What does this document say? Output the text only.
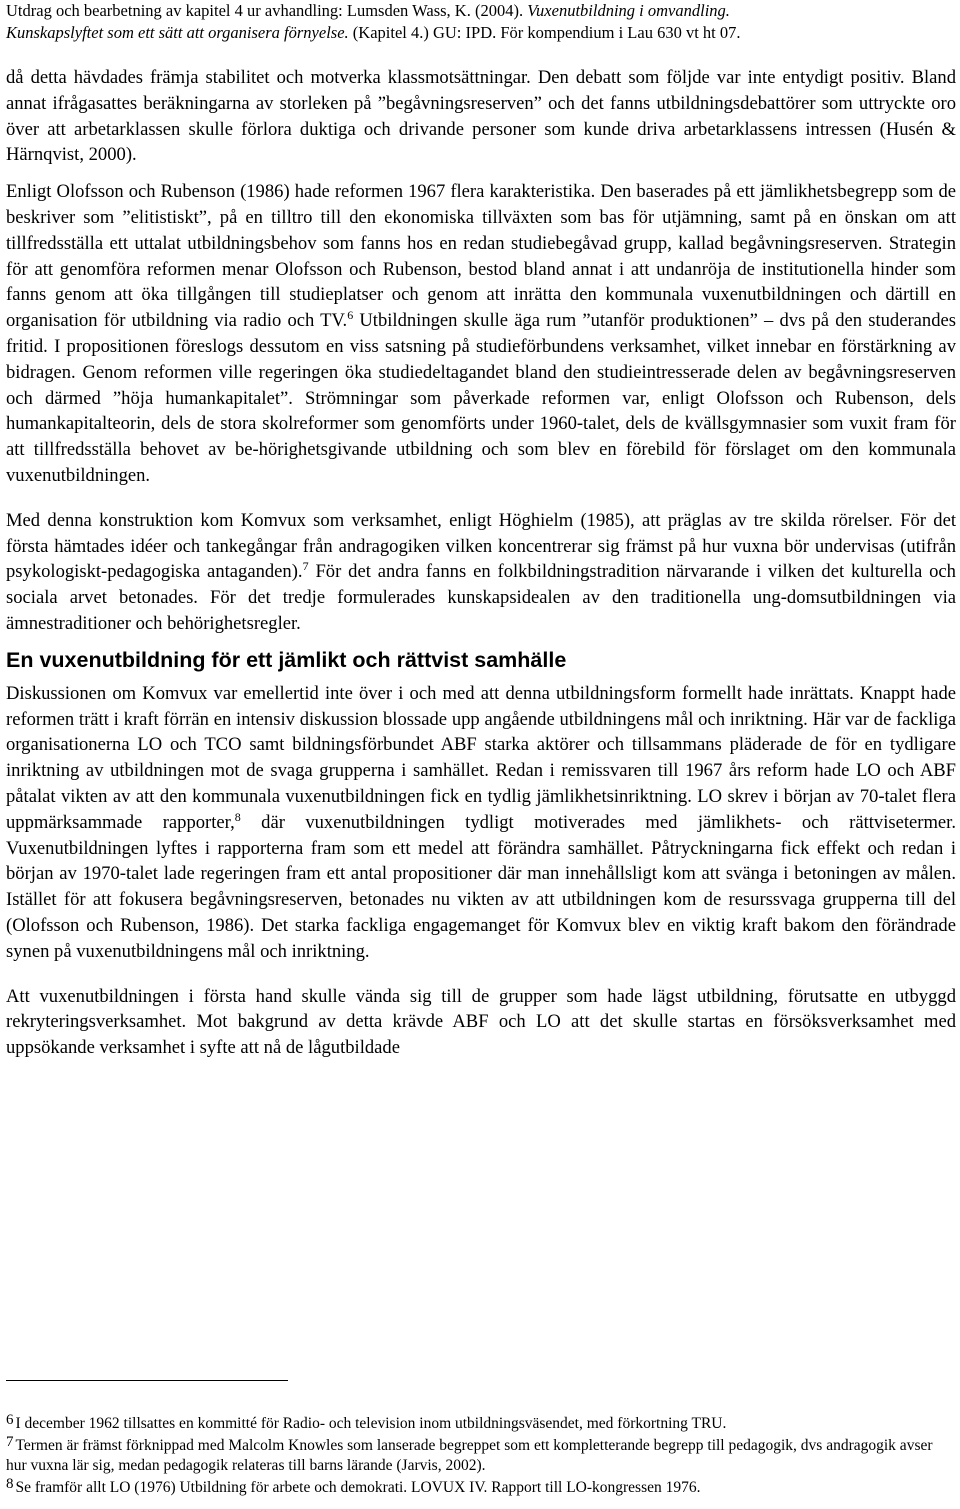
Utdrag och bearbetning av kapitel 4 ur avhandling: Lumsden Wass, K. (2004). Vuxenutbildning i omvandling.
Kunskapslyftet som ett sätt att organisera förnyelse. (Kapitel 4.) GU: IPD. För kompendium i Lau 630 vt ht 07.

då detta hävdades främja stabilitet och motverka klassmotsättningar. Den debatt som följde var inte entydigt positiv. Bland annat ifrågasattes beräkningarna av storleken på ”begåvningsreserven” och det fanns utbildningsdebattörer som uttryckte oro över att arbetarklassen skulle förlora duktiga och drivande personer som kunde driva arbetarklassens intressen (Husén & Härnqvist, 2000).

Enligt Olofsson och Rubenson (1986) hade reformen 1967 flera karakteristika. Den baserades på ett jämlikhetsbegrepp som de beskriver som ”elitistiskt”, på en tilltro till den ekonomiska tillväxten som bas för utjämning, samt på en önskan om att tillfredsställa ett uttalat utbildningsbehov som fanns hos en redan studiebegåvad grupp, kallad begåvningsreserven. Strategin för att genomföra reformen menar Olofsson och Rubenson, bestod bland annat i att undanröja de institutionella hinder som fanns genom att öka tillgången till studieplatser och genom att inrätta den kommunala vuxenutbildningen och därtill en organisation för utbildning via radio och TV.$^6$ Utbildningen skulle äga rum ”utanför produktionen” – dvs på den studerandes fritid. I propositionen föreslogs dessutom en viss satsning på studieförbundens verksamhet, vilket innebar en förstärkning av bidragen. Genom reformen ville regeringen öka studiedeltagandet bland den studieintresserade delen av begåvningsreserven och därmed ”höja humankapitalet”. Strömningar som påverkade reformen var, enligt Olofsson och Rubenson, dels humankapitalteorin, dels de stora skolreformer som genomförts under 1960-talet, dels de kvällsgymnasier som vuxit fram för att tillfredsställa behovet av be-hörighetsgivande utbildning och som blev en förebild för förslaget om den kommunala vuxenutbildningen.

Med denna konstruktion kom Komvux som verksamhet, enligt Höghielm (1985), att präglas av tre skilda rörelser. För det första hämtades idéer och tankegångar från andragogiken vilken koncentrerar sig främst på hur vuxna bör undervisas (utifrån psykologiskt-pedagogiska antaganden).$^7$ För det andra fanns en folkbildningstradition närvarande i vilken det kulturella och sociala arvet betonades. För det tredje formulerades kunskapsidealen av den traditionella ung-domsutbildningen via ämnestraditioner och behörighetsregler.

En vuxenutbildning för ett jämlikt och rättvist samhälle

Diskussionen om Komvux var emellertid inte över i och med att denna utbildningsform formellt hade inrättats. Knappt hade reformen trätt i kraft förrän en intensiv diskussion blossade upp angående utbildningens mål och inriktning. Här var de fackliga organisationerna LO och TCO samt bildningsförbundet ABF starka aktörer och tillsammans pläderade de för en tydligare inriktning av utbildningen mot de svaga grupperna i samhället. Redan i remissvaren till 1967 års reform hade LO och ABF påtalat vikten av att den kommunala vuxenutbildningen fick en tydlig jämlikhetsinriktning. LO skrev i början av 70-talet flera uppmärksammade rapporter,$^8$ där vuxenutbildningen tydligt motiverades med jämlikhets- och rättvisetermer. Vuxenutbildningen lyftes i rapporterna fram som ett medel att förändra samhället. Påtryckningarna fick effekt och redan i början av 1970-talet lade regeringen fram ett antal propositioner där man innehållsligt kom att svänga i betoningen av målen. Istället för att fokusera begåvningsreserven, betonades nu vikten av att utbildningen kom de resurssvaga grupperna till del (Olofsson och Rubenson, 1986). Det starka fackliga engagemanget för Komvux blev en viktig kraft bakom den förändrade synen på vuxenutbildningens mål och inriktning.

Att vuxenutbildningen i första hand skulle vända sig till de grupper som hade lägst utbildning, förutsatte en utbyggd rekryteringsverksamhet. Mot bakgrund av detta krävde ABF och LO att det skulle startas en försöksverksamhet med uppsökande verksamhet i syfte att nå de lågutbildade

6 I december 1962 tillsattes en kommitté för Radio- och television inom utbildningsväsendet, med förkortning TRU.

7 Termen är främst förknippad med Malcolm Knowles som lanserade begreppet som ett kompletterande begrepp till pedagogik, dvs andragogik avser hur vuxna lär sig, medan pedagogik relateras till barns lärande (Jarvis, 2002).

8 Se framför allt LO (1976) Utbildning för arbete och demokrati. LOVUX IV. Rapport till LO-kongressen 1976.
